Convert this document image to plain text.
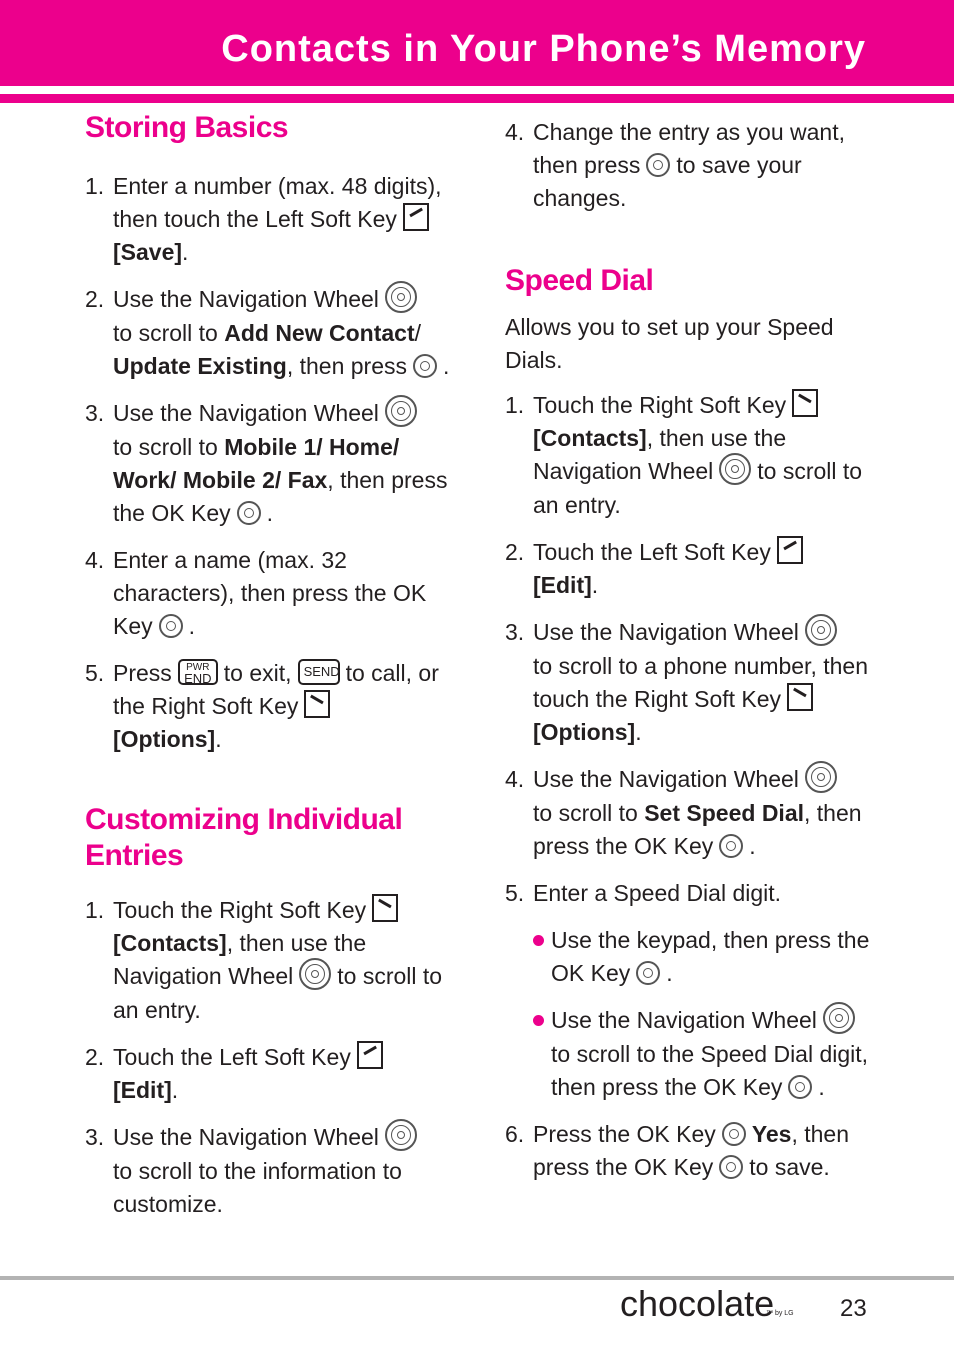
Contacts in Your Phone’s Memory
Storing Basics
1. Enter a number (max. 48 digits), then touch the Left Soft Key
[Save].
2. Use the Navigation Wheel
to scroll to Add New Contact/
Update Existing, then press .
3. Use the Navigation Wheel
to scroll to Mobile 1/ Home/ Work/ Mobile 2/ Fax, then press the OK Key .
4. Enter a name (max. 32 characters), then press the OK Key .
5. Press PWR
END to exit, SEND to call, or the Right Soft Key
[Options].
Customizing Individual Entries
1. Touch the Right Soft Key
[Contacts], then use the Navigation Wheel to scroll to an entry.
2. Touch the Left Soft Key
[Edit].
3. Use the Navigation Wheel
to scroll to the information to customize.
4. Change the entry as you want, then press to save your changes.
Speed Dial

Allows you to set up your Speed Dials.

1. Touch the Right Soft Key
[Contacts], then use the Navigation Wheel to scroll to an entry.
2. Touch the Left Soft Key
[Edit].
3. Use the Navigation Wheel
to scroll to a phone number, then touch the Right Soft Key
[Options].
4. Use the Navigation Wheel
to scroll to Set Speed Dial, then press the OK Key .
5. Enter a Speed Dial digit.
Use the keypad, then press the OK Key .
Use the Navigation Wheel
to scroll to the Speed Dial digit, then press the OK Key .
6. Press the OK Key Yes, then press the OK Key to save.
chocolate
™ by LG 23
